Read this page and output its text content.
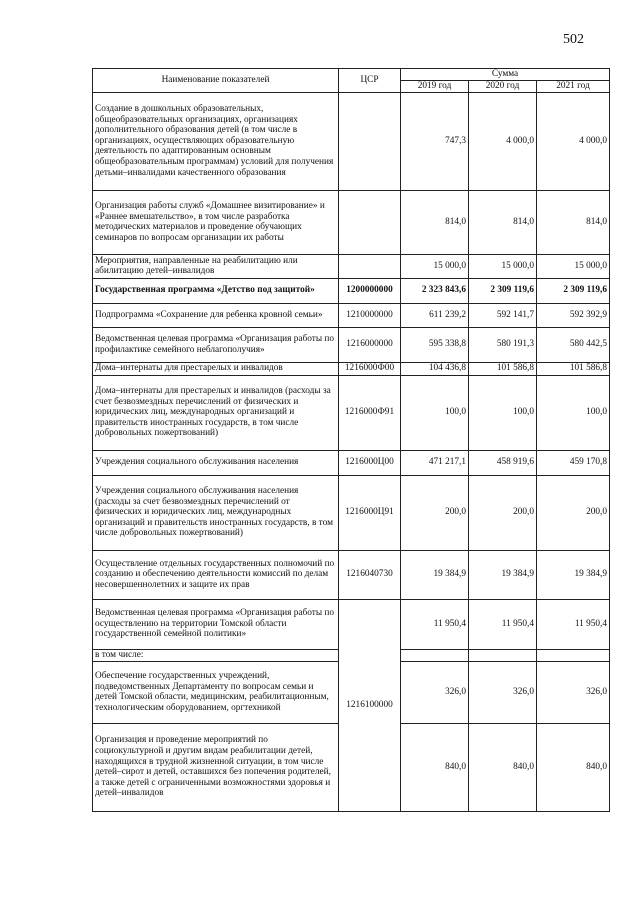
502
Наименование показателей	ЦСР	Сумма		
		2019 год	2020 год	2021 год
Создание в дошкольных образовательных, общеобразовательных организациях, организациях дополнительного образования детей (в том числе в организациях, осуществляющих образовательную деятельность по адаптированным основным общеобразовательным программам) условий для получения детьми–инвалидами качественного образования		747,3	4 000,0	4 000,0
Организация работы служб «Домашнее визитирование» и «Раннее вмешательство», в том числе разработка методических материалов и проведение обучающих семинаров по вопросам организации их работы		814,0	814,0	814,0
Мероприятия, направленные на реабилитацию или абилитацию детей–инвалидов		15 000,0	15 000,0	15 000,0
Государственная программа «Детство под защитой»	1200000000	2 323 843,6	2 309 119,6	2 309 119,6
Подпрограмма «Сохранение для ребенка кровной семьи»	1210000000	611 239,2	592 141,7	592 392,9
Ведомственная целевая программа «Организация работы по профилактике семейного неблагополучия»	1216000000	595 338,8	580 191,3	580 442,5
Дома–интернаты для престарелых и инвалидов	1216000Ф00	104 436,8	101 586,8	101 586,8
Дома–интернаты для престарелых и инвалидов (расходы за счет безвозмездных перечислений от физических и юридических лиц, международных организаций и правительств иностранных государств, в том числе добровольных пожертвований)	1216000Ф91	100,0	100,0	100,0
Учреждения социального обслуживания населения	1216000Ц00	471 217,1	458 919,6	459 170,8
Учреждения социального обслуживания населения (расходы за счет безвозмездных перечислений от физических и юридических лиц, международных организаций и правительств иностранных государств, в том числе добровольных пожертвований)	1216000Ц91	200,0	200,0	200,0
Осуществление отдельных государственных полномочий по созданию и обеспечению деятельности комиссий по делам несовершеннолетних и защите их прав	1216040730	19 384,9	19 384,9	19 384,9
Ведомственная целевая программа «Организация работы по осуществлению на территории Томской области государственной семейной политики»	1216100000	11 950,4	11 950,4	11 950,4
в том числе:				
Обеспечение государственных учреждений, подведомственных Департаменту по вопросам семьи и детей Томской области, медицинским, реабилитационным, технологическим оборудованием, оргтехникой		326,0	326,0	326,0
Организация и проведение мероприятий по социокультурной и другим видам реабилитации детей, находящихся в трудной жизненной ситуации, в том числе детей–сирот и детей, оставшихся без попечения родителей, а также детей с ограниченными возможностями здоровья и детей–инвалидов		840,0	840,0	840,0
